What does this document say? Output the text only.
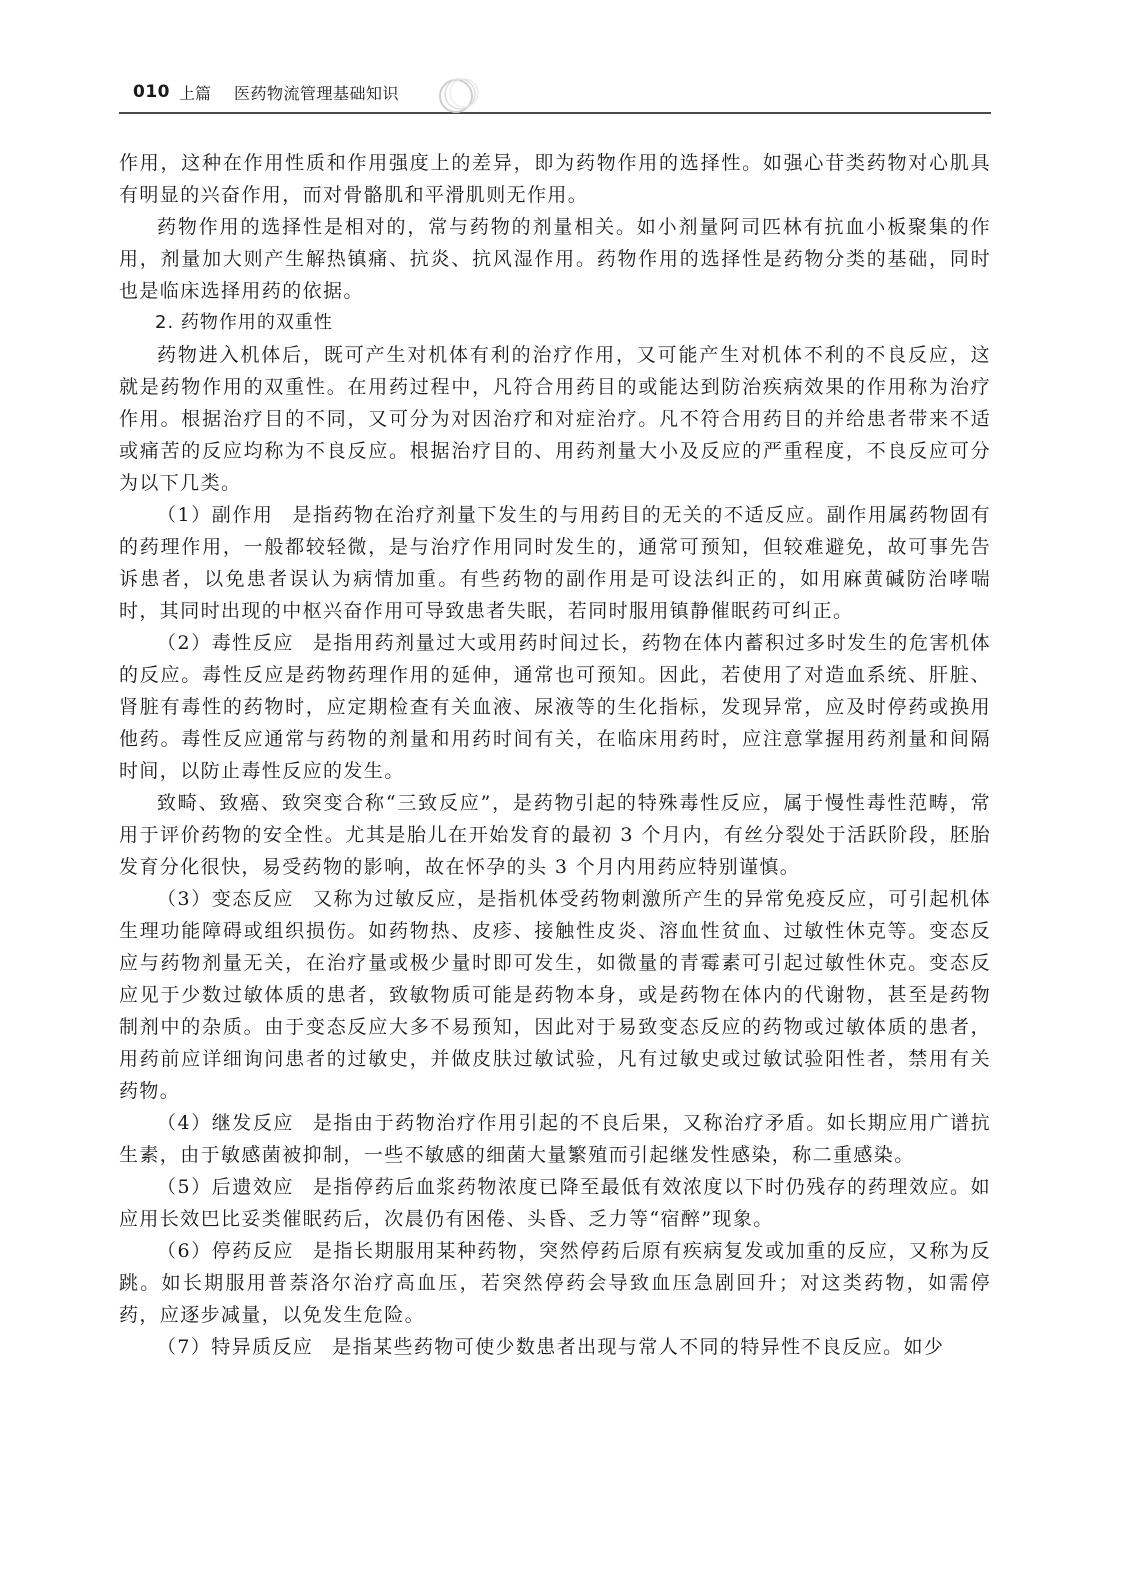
010 上篇 医药物流管理基础知识

作用，这种在作用性质和作用强度上的差异，即为药物作用的选择性。如强心苷类药物对心肌具有明显的兴奋作用，而对骨骼肌和平滑肌则无作用。

药物作用的选择性是相对的，常与药物的剂量相关。如小剂量阿司匹林有抗血小板聚集的作用，剂量加大则产生解热镇痛、抗炎、抗风湿作用。药物作用的选择性是药物分类的基础，同时也是临床选择用药的依据。

2. 药物作用的双重性

药物进入机体后，既可产生对机体有利的治疗作用，又可能产生对机体不利的不良反应，这就是药物作用的双重性。在用药过程中，凡符合用药目的或能达到防治疾病效果的作用称为治疗作用。根据治疗目的不同，又可分为对因治疗和对症治疗。凡不符合用药目的并给患者带来不适或痛苦的反应均称为不良反应。根据治疗目的、用药剂量大小及反应的严重程度，不良反应可分为以下几类。

（1）副作用 是指药物在治疗剂量下发生的与用药目的无关的不适反应。副作用属药物固有的药理作用，一般都较轻微，是与治疗作用同时发生的，通常可预知，但较难避免，故可事先告诉患者，以免患者误认为病情加重。有些药物的副作用是可设法纠正的，如用麻黄碱防治哮喘时，其同时出现的中枢兴奋作用可导致患者失眠，若同时服用镇静催眠药可纠正。

（2）毒性反应 是指用药剂量过大或用药时间过长，药物在体内蓄积过多时发生的危害机体的反应。毒性反应是药物药理作用的延伸，通常也可预知。因此，若使用了对造血系统、肝脏、肾脏有毒性的药物时，应定期检查有关血液、尿液等的生化指标，发现异常，应及时停药或换用他药。毒性反应通常与药物的剂量和用药时间有关，在临床用药时，应注意掌握用药剂量和间隔时间，以防止毒性反应的发生。

致畸、致癌、致突变合称“三致反应”，是药物引起的特殊毒性反应，属于慢性毒性范畴，常用于评价药物的安全性。尤其是胎儿在开始发育的最初 3 个月内，有丝分裂处于活跃阶段，胚胎发育分化很快，易受药物的影响，故在怀孕的头 3 个月内用药应特别谨慎。

（3）变态反应 又称为过敏反应，是指机体受药物刺激所产生的异常免疫反应，可引起机体生理功能障碍或组织损伤。如药物热、皮疹、接触性皮炎、溶血性贫血、过敏性休克等。变态反应与药物剂量无关，在治疗量或极少量时即可发生，如微量的青霉素可引起过敏性休克。变态反应见于少数过敏体质的患者，致敏物质可能是药物本身，或是药物在体内的代谢物，甚至是药物制剂中的杂质。由于变态反应大多不易预知，因此对于易致变态反应的药物或过敏体质的患者，用药前应详细询问患者的过敏史，并做皮肤过敏试验，凡有过敏史或过敏试验阳性者，禁用有关药物。

（4）继发反应 是指由于药物治疗作用引起的不良后果，又称治疗矛盾。如长期应用广谱抗生素，由于敏感菌被抑制，一些不敏感的细菌大量繁殖而引起继发性感染，称二重感染。

（5）后遗效应 是指停药后血浆药物浓度已降至最低有效浓度以下时仍残存的药理效应。如应用长效巴比妥类催眠药后，次晨仍有困倦、头昏、乏力等“宿醉”现象。

（6）停药反应 是指长期服用某种药物，突然停药后原有疾病复发或加重的反应，又称为反跳。如长期服用普萘洛尔治疗高血压，若突然停药会导致血压急剧回升；对这类药物，如需停药，应逐步减量，以免发生危险。

（7）特异质反应 是指某些药物可使少数患者出现与常人不同的特异性不良反应。如少
